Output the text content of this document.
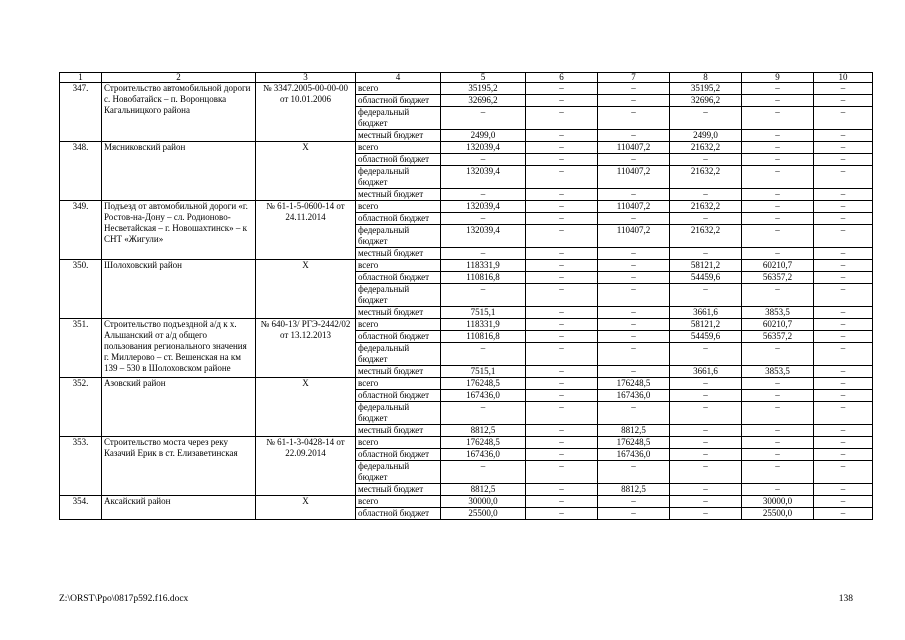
1	2	3	4	5	6	7	8	9	10
347.	Строительство автомобильной дороги с. Новобатайск – п. Воронцовка Кагальницкого района	№ 3347.2005-00-00-00 от 10.01.2006	всего	35195,2	–	–	35195,2	–	–
			областной бюджет	32696,2	–	–	32696,2	–	–
			федеральный бюджет	–	–	–	–	–	–
			местный бюджет	2499,0	–	–	2499,0	–	–
348.	Мясниковский район	Х	всего	132039,4	–	110407,2	21632,2	–	–
			областной бюджет	–	–	–	–	–	–
			федеральный бюджет	132039,4	–	110407,2	21632,2	–	–
			местный бюджет	–	–	–	–	–	–
349.	Подъезд от автомобильной дороги «г. Ростов-на-Дону – сл. Родионово-Несветайская – г. Новошахтинск» – к СНТ «Жигули»	№ 61-1-5-0600-14 от 24.11.2014	всего	132039,4	–	110407,2	21632,2	–	–
			областной бюджет	–	–	–	–	–	–
			федеральный бюджет	132039,4	–	110407,2	21632,2	–	–
			местный бюджет	–	–	–	–	–	–
350.	Шолоховский район	Х	всего	118331,9	–	–	58121,2	60210,7	–
			областной бюджет	110816,8	–	–	54459,6	56357,2	–
			федеральный бюджет	–	–	–	–	–	–
			местный бюджет	7515,1	–	–	3661,6	3853,5	–
351.	Строительство подъездной а/д к х. Альшанский от а/д общего пользования регионального значения г. Миллерово – ст. Вешенская на км 139 – 530 в Шолоховском районе	№ 640-13/ РГЭ-2442/02 от 13.12.2013	всего	118331,9	–	–	58121,2	60210,7	–
			областной бюджет	110816,8	–	–	54459,6	56357,2	–
			федеральный бюджет	–	–	–	–	–	–
			местный бюджет	7515,1	–	–	3661,6	3853,5	–
352.	Азовский район	Х	всего	176248,5	–	176248,5	–	–	–
			областной бюджет	167436,0	–	167436,0	–	–	–
			федеральный бюджет	–	–	–	–	–	–
			местный бюджет	8812,5	–	8812,5	–	–	–
353.	Строительство моста через реку Казачий Ерик в ст. Елизаветинская	№ 61-1-3-0428-14 от 22.09.2014	всего	176248,5	–	176248,5	–	–	–
			областной бюджет	167436,0	–	167436,0	–	–	–
			федеральный бюджет	–	–	–	–	–	–
			местный бюджет	8812,5	–	8812,5	–	–	–
354.	Аксайский район	Х	всего	30000,0	–	–	–	30000,0	–
			областной бюджет	25500,0	–	–	–	25500,0	–
Z:\ORST\Ppo\0817p592.f16.docx	138
